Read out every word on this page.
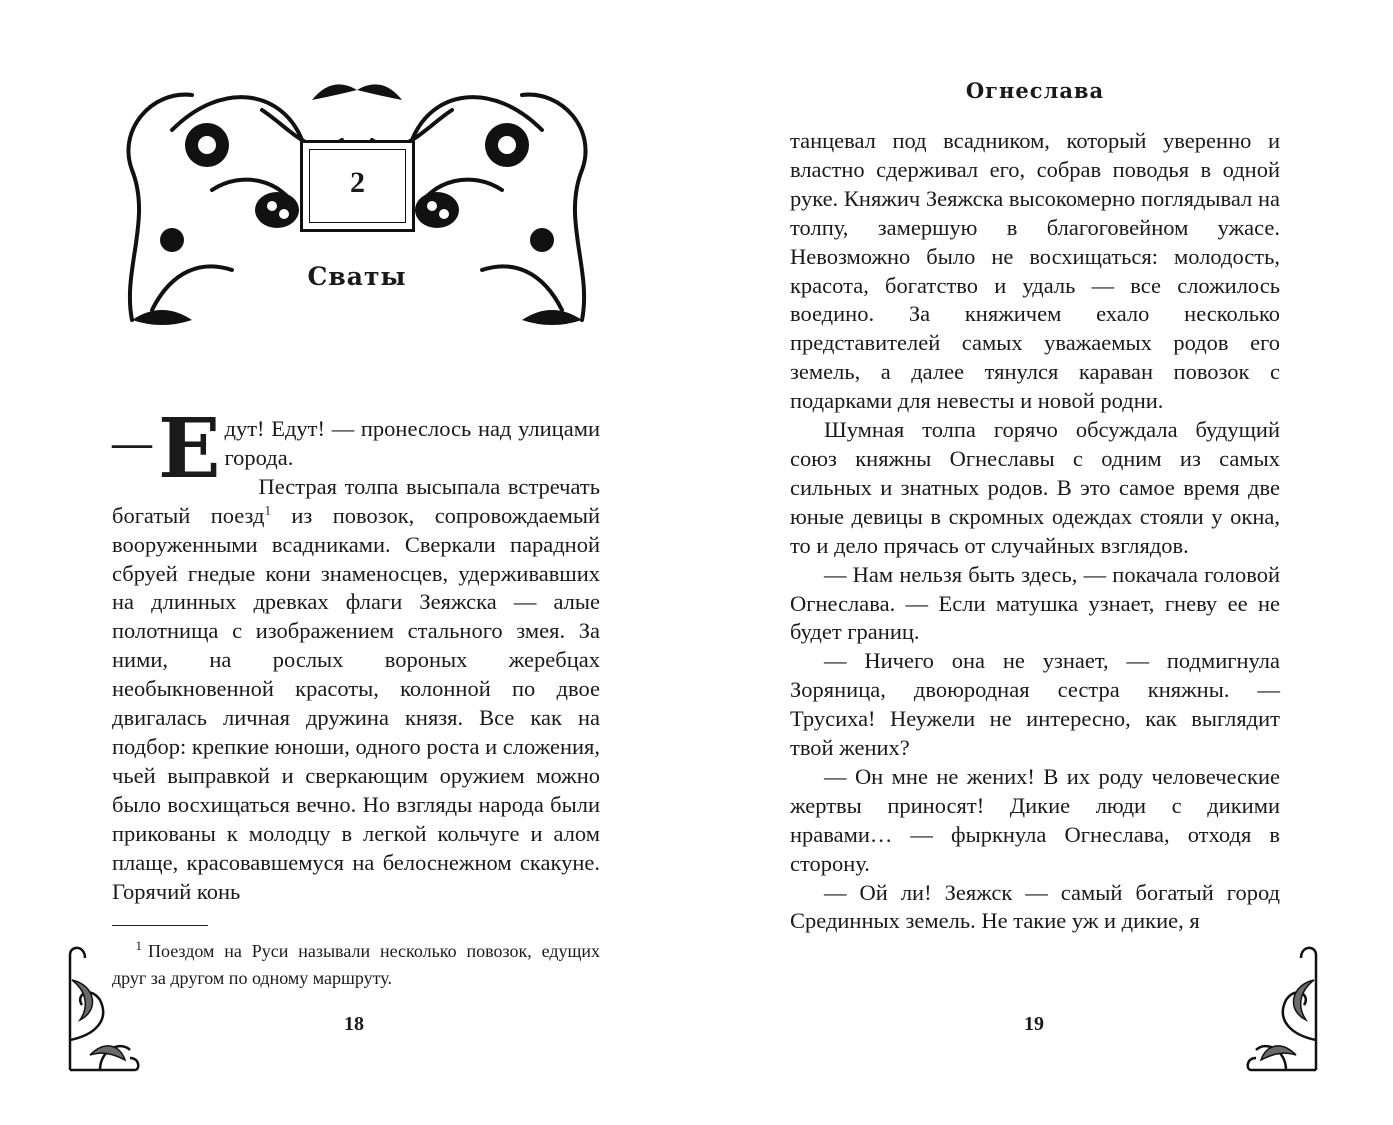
2
Сваты

— Е дут! Едут! — пронеслось над улицами города.

Пестрая толпа высыпала встречать богатый поезд$^1$ из повозок, сопровождаемый вооруженными всадниками. Сверкали парадной сбруей гнедые кони знаменосцев, удерживавших на длинных древках флаги Зеяжска — алые полотнища с изображением стального змея. За ними, на рослых вороных жеребцах необыкновенной красоты, колонной по двое двигалась личная дружина князя. Все как на подбор: крепкие юноши, одного роста и сложения, чьей выправкой и сверкающим оружием можно было восхищаться вечно. Но взгляды народа были прикованы к молодцу в легкой кольчуге и алом плаще, красовавшемуся на белоснежном скакуне. Горячий конь

1 Поездом на Руси называли несколько повозок, едущих друг за другом по одному маршруту.
18
Огнеслава

танцевал под всадником, который уверенно и властно сдерживал его, собрав поводья в одной руке. Княжич Зеяжска высокомерно поглядывал на толпу, замершую в благоговейном ужасе. Невозможно было не восхищаться: молодость, красота, богатство и удаль — все сложилось воедино. За княжичем ехало несколько представителей самых уважаемых родов его земель, а далее тянулся караван повозок с подарками для невесты и новой родни.

Шумная толпа горячо обсуждала будущий союз княжны Огнеславы с одним из самых сильных и знатных родов. В это самое время две юные девицы в скромных одеждах стояли у окна, то и дело прячась от случайных взглядов.

— Нам нельзя быть здесь, — покачала головой Огнеслава. — Если матушка узнает, гневу ее не будет границ.

— Ничего она не узнает, — подмигнула Зоряница, двоюродная сестра княжны. — Трусиха! Неужели не интересно, как выглядит твой жених?

— Он мне не жених! В их роду человеческие жертвы приносят! Дикие люди с дикими нравами… — фыркнула Огнеслава, отходя в сторону.

— Ой ли! Зеяжск — самый богатый город Срединных земель. Не такие уж и дикие, я

19
